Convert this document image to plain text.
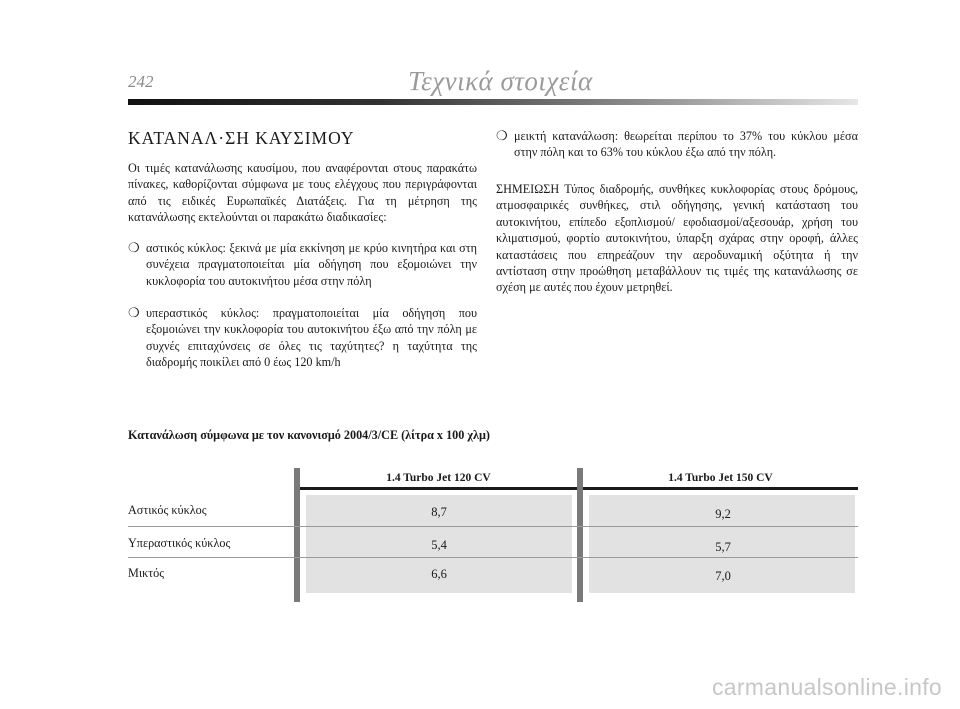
242	Τεχνικά στοιχεία
ΚΑΤΑΝΑΛ·ΣΗ ΚΑΥΣΙΜΟΥ
Οι τιμές κατανάλωσης καυσίμου, που αναφέρονται στους παρακάτω πίνακες, καθορίζονται σύμφωνα με τους ελέγχους που περιγράφονται από τις ειδικές Ευρωπαϊκές Διατάξεις. Για τη μέτρηση της κατανάλωσης εκτελούνται οι παρακάτω διαδικασίες:
❍ αστικός κύκλος: ξεκινά με μία εκκίνηση με κρύο κινητήρα και στη συνέχεια πραγματοποιείται μία οδήγηση που εξομοιώνει την κυκλοφορία του αυτοκινήτου μέσα στην πόλη
❍ υπεραστικός κύκλος: πραγματοποιείται μία οδήγηση που εξομοιώνει την κυκλοφορία του αυτοκινήτου έξω από την πόλη με συχνές επιταχύνσεις σε όλες τις ταχύτητες? η ταχύτητα της διαδρομής ποικίλει από 0 έως 120 km/h
❍ μεικτή κατανάλωση: θεωρείται περίπου το 37% του κύκλου μέσα στην πόλη και το 63% του κύκλου έξω από την πόλη.
ΣΗΜΕΙΩΣΗ Τύπος διαδρομής, συνθήκες κυκλοφορίας στους δρόμους, ατμοσφαιρικές συνθήκες, στιλ οδήγησης, γενική κατάσταση του αυτοκινήτου, επίπεδο εξοπλισμού/ εφοδιασμοί/αξεσουάρ, χρήση του κλιματισμού, φορτίο αυτοκινήτου, ύπαρξη σχάρας στην οροφή, άλλες καταστάσεις που επηρεάζουν την αεροδυναμική οξύτητα ή την αντίσταση στην προώθηση μεταβάλλουν τις τιμές της κατανάλωσης σε σχέση με αυτές που έχουν μετρηθεί.
Κατανάλωση σύμφωνα με τον κανονισμό 2004/3/CE (λίτρα x 100 χλμ)
1.4 Turbo Jet 120 CV	1.4 Turbo Jet 150 CV
Αστικός κύκλος
Υπεραστικός κύκλος
Μικτός
8,7
5,4
6,6
9,2
5,7
7,0
carmanualsonline.info
